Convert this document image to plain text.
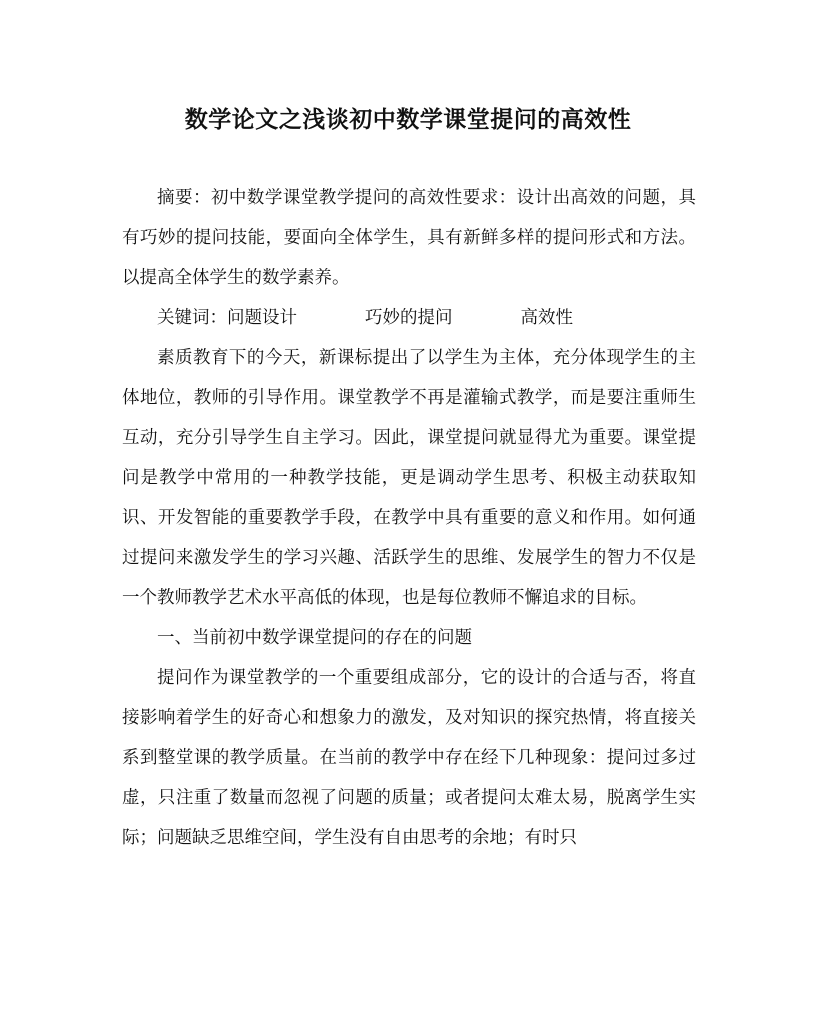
数学论文之浅谈初中数学课堂提问的高效性

摘要：初中数学课堂教学提问的高效性要求：设计出高效的问题，具有巧妙的提问技能，要面向全体学生，具有新鲜多样的提问形式和方法。以提高全体学生的数学素养。

关键词：问题设计	巧妙的提问	高效性

素质教育下的今天，新课标提出了以学生为主体，充分体现学生的主体地位，教师的引导作用。课堂教学不再是灌输式教学，而是要注重师生互动，充分引导学生自主学习。因此，课堂提问就显得尤为重要。课堂提问是教学中常用的一种教学技能，更是调动学生思考、积极主动获取知识、开发智能的重要教学手段，在教学中具有重要的意义和作用。如何通过提问来激发学生的学习兴趣、活跃学生的思维、发展学生的智力不仅是一个教师教学艺术水平高低的体现，也是每位教师不懈追求的目标。

一、当前初中数学课堂提问的存在的问题

提问作为课堂教学的一个重要组成部分，它的设计的合适与否，将直接影响着学生的好奇心和想象力的激发，及对知识的探究热情，将直接关系到整堂课的教学质量。在当前的教学中存在经下几种现象：提问过多过虚，只注重了数量而忽视了问题的质量；或者提问太难太易，脱离学生实际；问题缺乏思维空间，学生没有自由思考的余地；有时只
